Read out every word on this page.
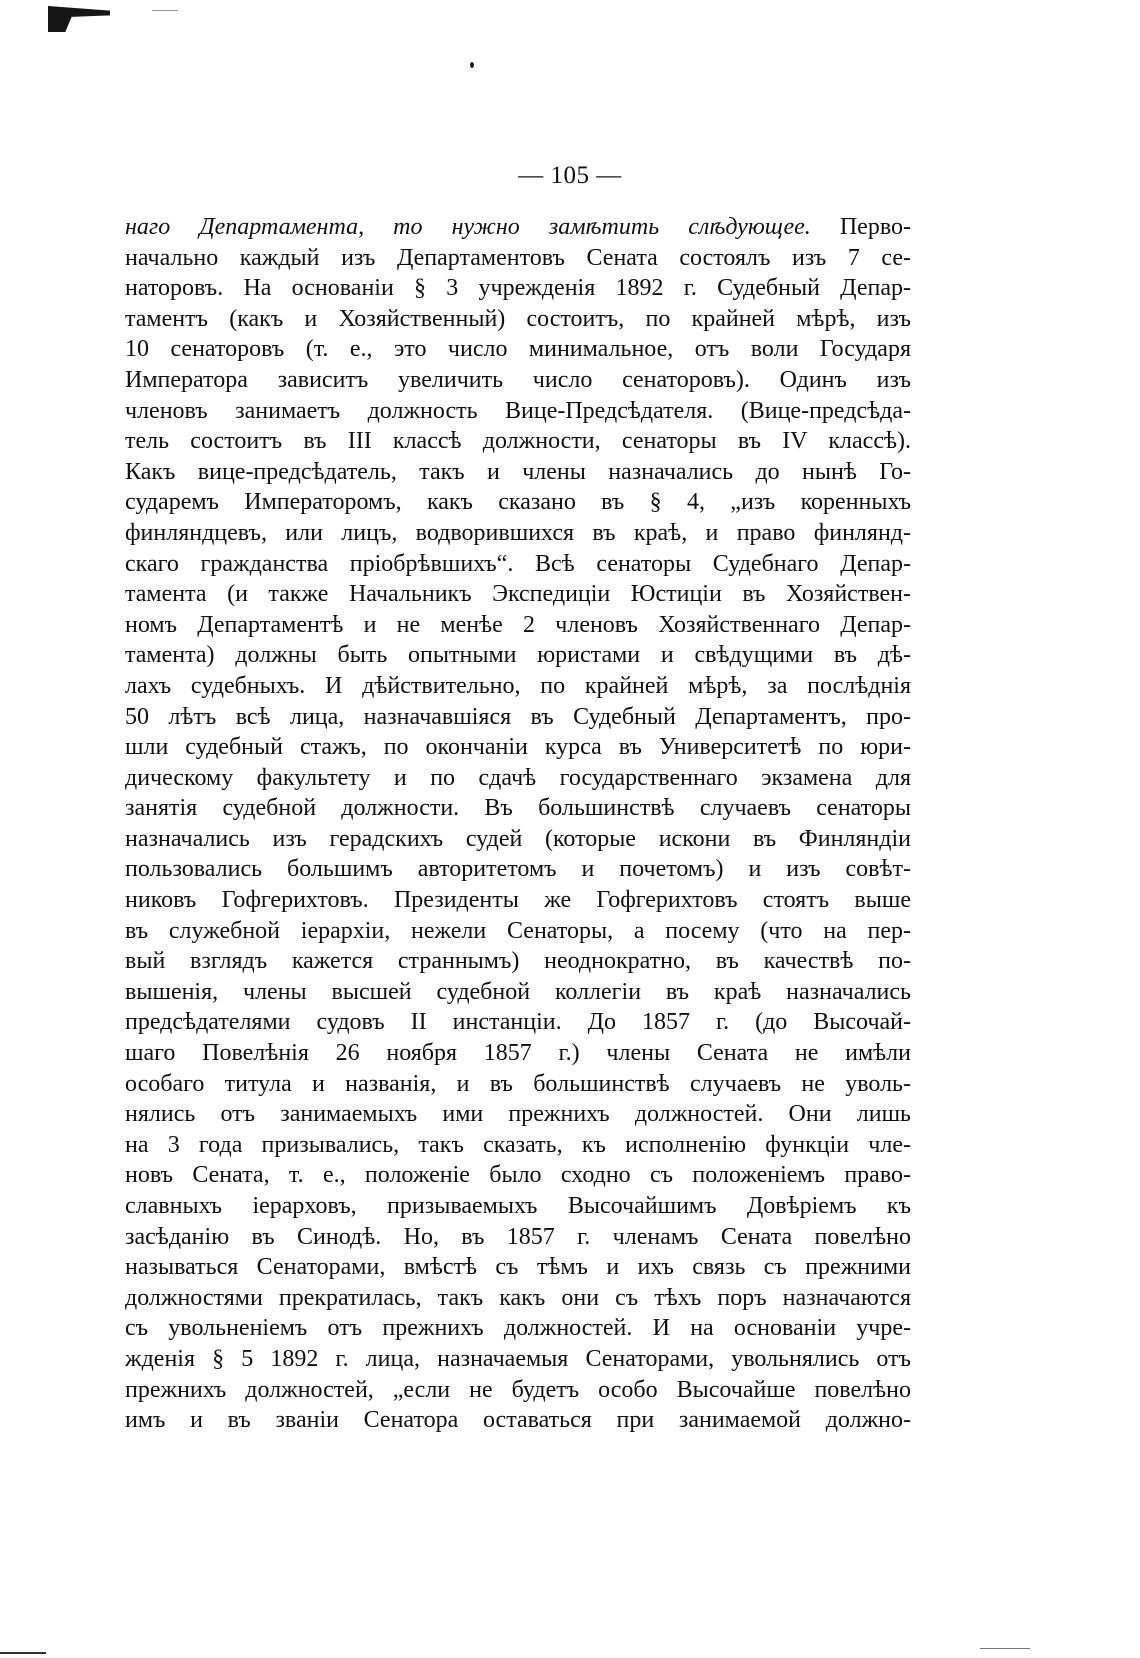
— 105 —
наго Департамента, то нужно замѣтить слѣдующее. Перво-
начально каждый изъ Департаментовъ Сената состоялъ изъ 7 се-
наторовъ. На основанiи § 3 учрежденiя 1892 г. Судебный Депар-
таментъ (какъ и Хозяйственный) состоитъ, по крайней мѣрѣ, изъ
10 сенаторовъ (т. е., это число минимальное, отъ воли Государя
Императора зависитъ увеличить число сенаторовъ). Одинъ изъ
членовъ занимаетъ должность Вице-Предсѣдателя. (Вице-предсѣда-
тель состоитъ въ III классѣ должности, сенаторы въ IV классѣ).
Какъ вице-предсѣдатель, такъ и члены назначались до нынѣ Го-
сударемъ Императоромъ, какъ сказано въ § 4, „изъ коренныхъ
финляндцевъ, или лицъ, водворившихся въ краѣ, и право финлянд-
скаго гражданства прiобрѣвшихъ“. Всѣ сенаторы Судебнаго Депар-
тамента (и также Начальникъ Экспедицiи Юстицiи въ Хозяйствен-
номъ Департаментѣ и не менѣе 2 членовъ Хозяйственнаго Депар-
тамента) должны быть опытными юристами и свѣдущими въ дѣ-
лахъ судебныхъ. И дѣйствительно, по крайней мѣрѣ, за послѣднiя
50 лѣтъ всѣ лица, назначавшiяся въ Судебный Департаментъ, про-
шли судебный стажъ, по окончанiи курса въ Университетѣ по юри-
дическому факультету и по сдачѣ государственнаго экзамена для
занятiя судебной должности. Въ большинствѣ случаевъ сенаторы
назначались изъ герадскихъ судей (которые искони въ Финляндiи
пользовались большимъ авторитетомъ и почетомъ) и изъ совѣт-
никовъ Гофгерихтовъ. Президенты же Гофгерихтовъ стоятъ выше
въ служебной iерархiи, нежели Сенаторы, а посему (что на пер-
вый взглядъ кажется страннымъ) неоднократно, въ качествѣ по-
вышенiя, члены высшей судебной коллегiи въ краѣ назначались
предсѣдателями судовъ II инстанцiи. До 1857 г. (до Высочай-
шаго Повелѣнiя 26 ноября 1857 г.) члены Сената не имѣли
особаго титула и названiя, и въ большинствѣ случаевъ не уволь-
нялись отъ занимаемыхъ ими прежнихъ должностей. Они лишь
на 3 года призывались, такъ сказать, къ исполненiю функцiи чле-
новъ Сената, т. е., положенiе было сходно съ положенiемъ право-
славныхъ iерарховъ, призываемыхъ Высочайшимъ Довѣрiемъ къ
засѣданiю въ Синодѣ. Но, въ 1857 г. членамъ Сената повелѣно
называться Сенаторами, вмѣстѣ съ тѣмъ и ихъ связь съ прежними
должностями прекратилась, такъ какъ они съ тѣхъ поръ назначаются
съ увольненiемъ отъ прежнихъ должностей. И на основанiи учре-
жденiя § 5 1892 г. лица, назначаемыя Сенаторами, увольнялись отъ
прежнихъ должностей, „если не будетъ особо Высочайше повелѣно
имъ и въ званiи Сенатора оставаться при занимаемой должно-
